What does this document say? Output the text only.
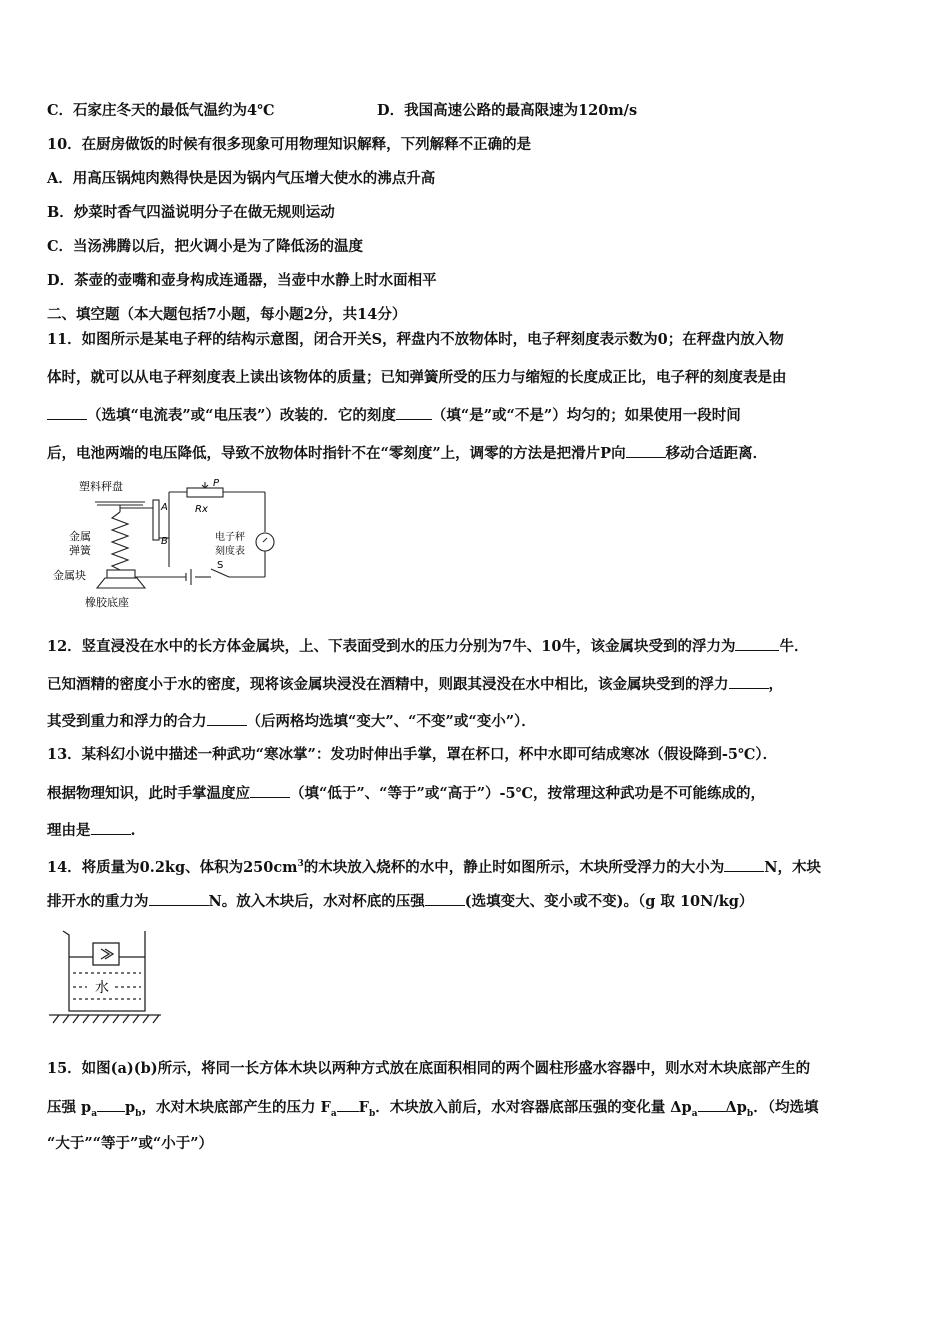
C．石家庄冬天的最低气温约为4℃	D．我国高速公路的最高限速为120m/s
10．在厨房做饭的时候有很多现象可用物理知识解释，下列解释不正确的是
A．用高压锅炖肉熟得快是因为锅内气压增大使水的沸点升高
B．炒菜时香气四溢说明分子在做无规则运动
C．当汤沸腾以后，把火调小是为了降低汤的温度
D．茶壶的壶嘴和壶身构成连通器，当壶中水静上时水面相平
二、填空题（本大题包括7小题，每小题2分，共14分）
11．如图所示是某电子秤的结构示意图，闭合开关S，秤盘内不放物体时，电子秤刻度表示数为0；在秤盘内放入物
体时，就可以从电子秤刻度表上读出该物体的质量；已知弹簧所受的压力与缩短的长度成正比，电子秤的刻度表是由
（选填“电流表”或“电压表”）改装的．它的刻度 （填“是”或“不是”）均匀的；如果使用一段时间
后，电池两端的电压降低，导致不放物体时指针不在“零刻度”上，调零的方法是把滑片P向	移动合适距离．
塑料秤盘
金属
弹簧
金属块
橡胶底座
A
B
P
Rx
电子秤
刻度表
S
12．竖直浸没在水中的长方体金属块，上、下表面受到水的压力分别为7牛、10牛，该金属块受到的浮力为	牛．
已知酒精的密度小于水的密度，现将该金属块浸没在酒精中，则跟其浸没在水中相比，该金属块受到的浮力	，
其受到重力和浮力的合力	（后两格均选填“变大”、“不变”或“变小”）．
13．某科幻小说中描述一种武功“寒冰掌”：发功时伸出手掌，罩在杯口，杯中水即可结成寒冰（假设降到-5℃）．
根据物理知识，此时手掌温度应	（填“低于”、“等于”或“高于”）-5℃，按常理这种武功是不可能练成的，
理由是	.
14．将质量为0.2kg、体积为$250cm^3$的木块放入烧杯的水中，静止时如图所示，木块所受浮力的大小为	N，木块
排开水的重力为	N。放入木块后，水对杯底的压强	(选填变大、变小或不变)。（g 取 10N/kg）
水
15．如图(a)(b)所示，将同一长方体木块以两种方式放在底面积相同的两个圆柱形盛水容器中，则水对木块底部产生的
压强 $p_a$ $p_b$，水对木块底部产生的压力 $F_a$ $F_b$．木块放入前后，水对容器底部压强的变化量 $\Delta p_a$ $\Delta p_b$．（均选填
“大于”“等于”或“小于”）
